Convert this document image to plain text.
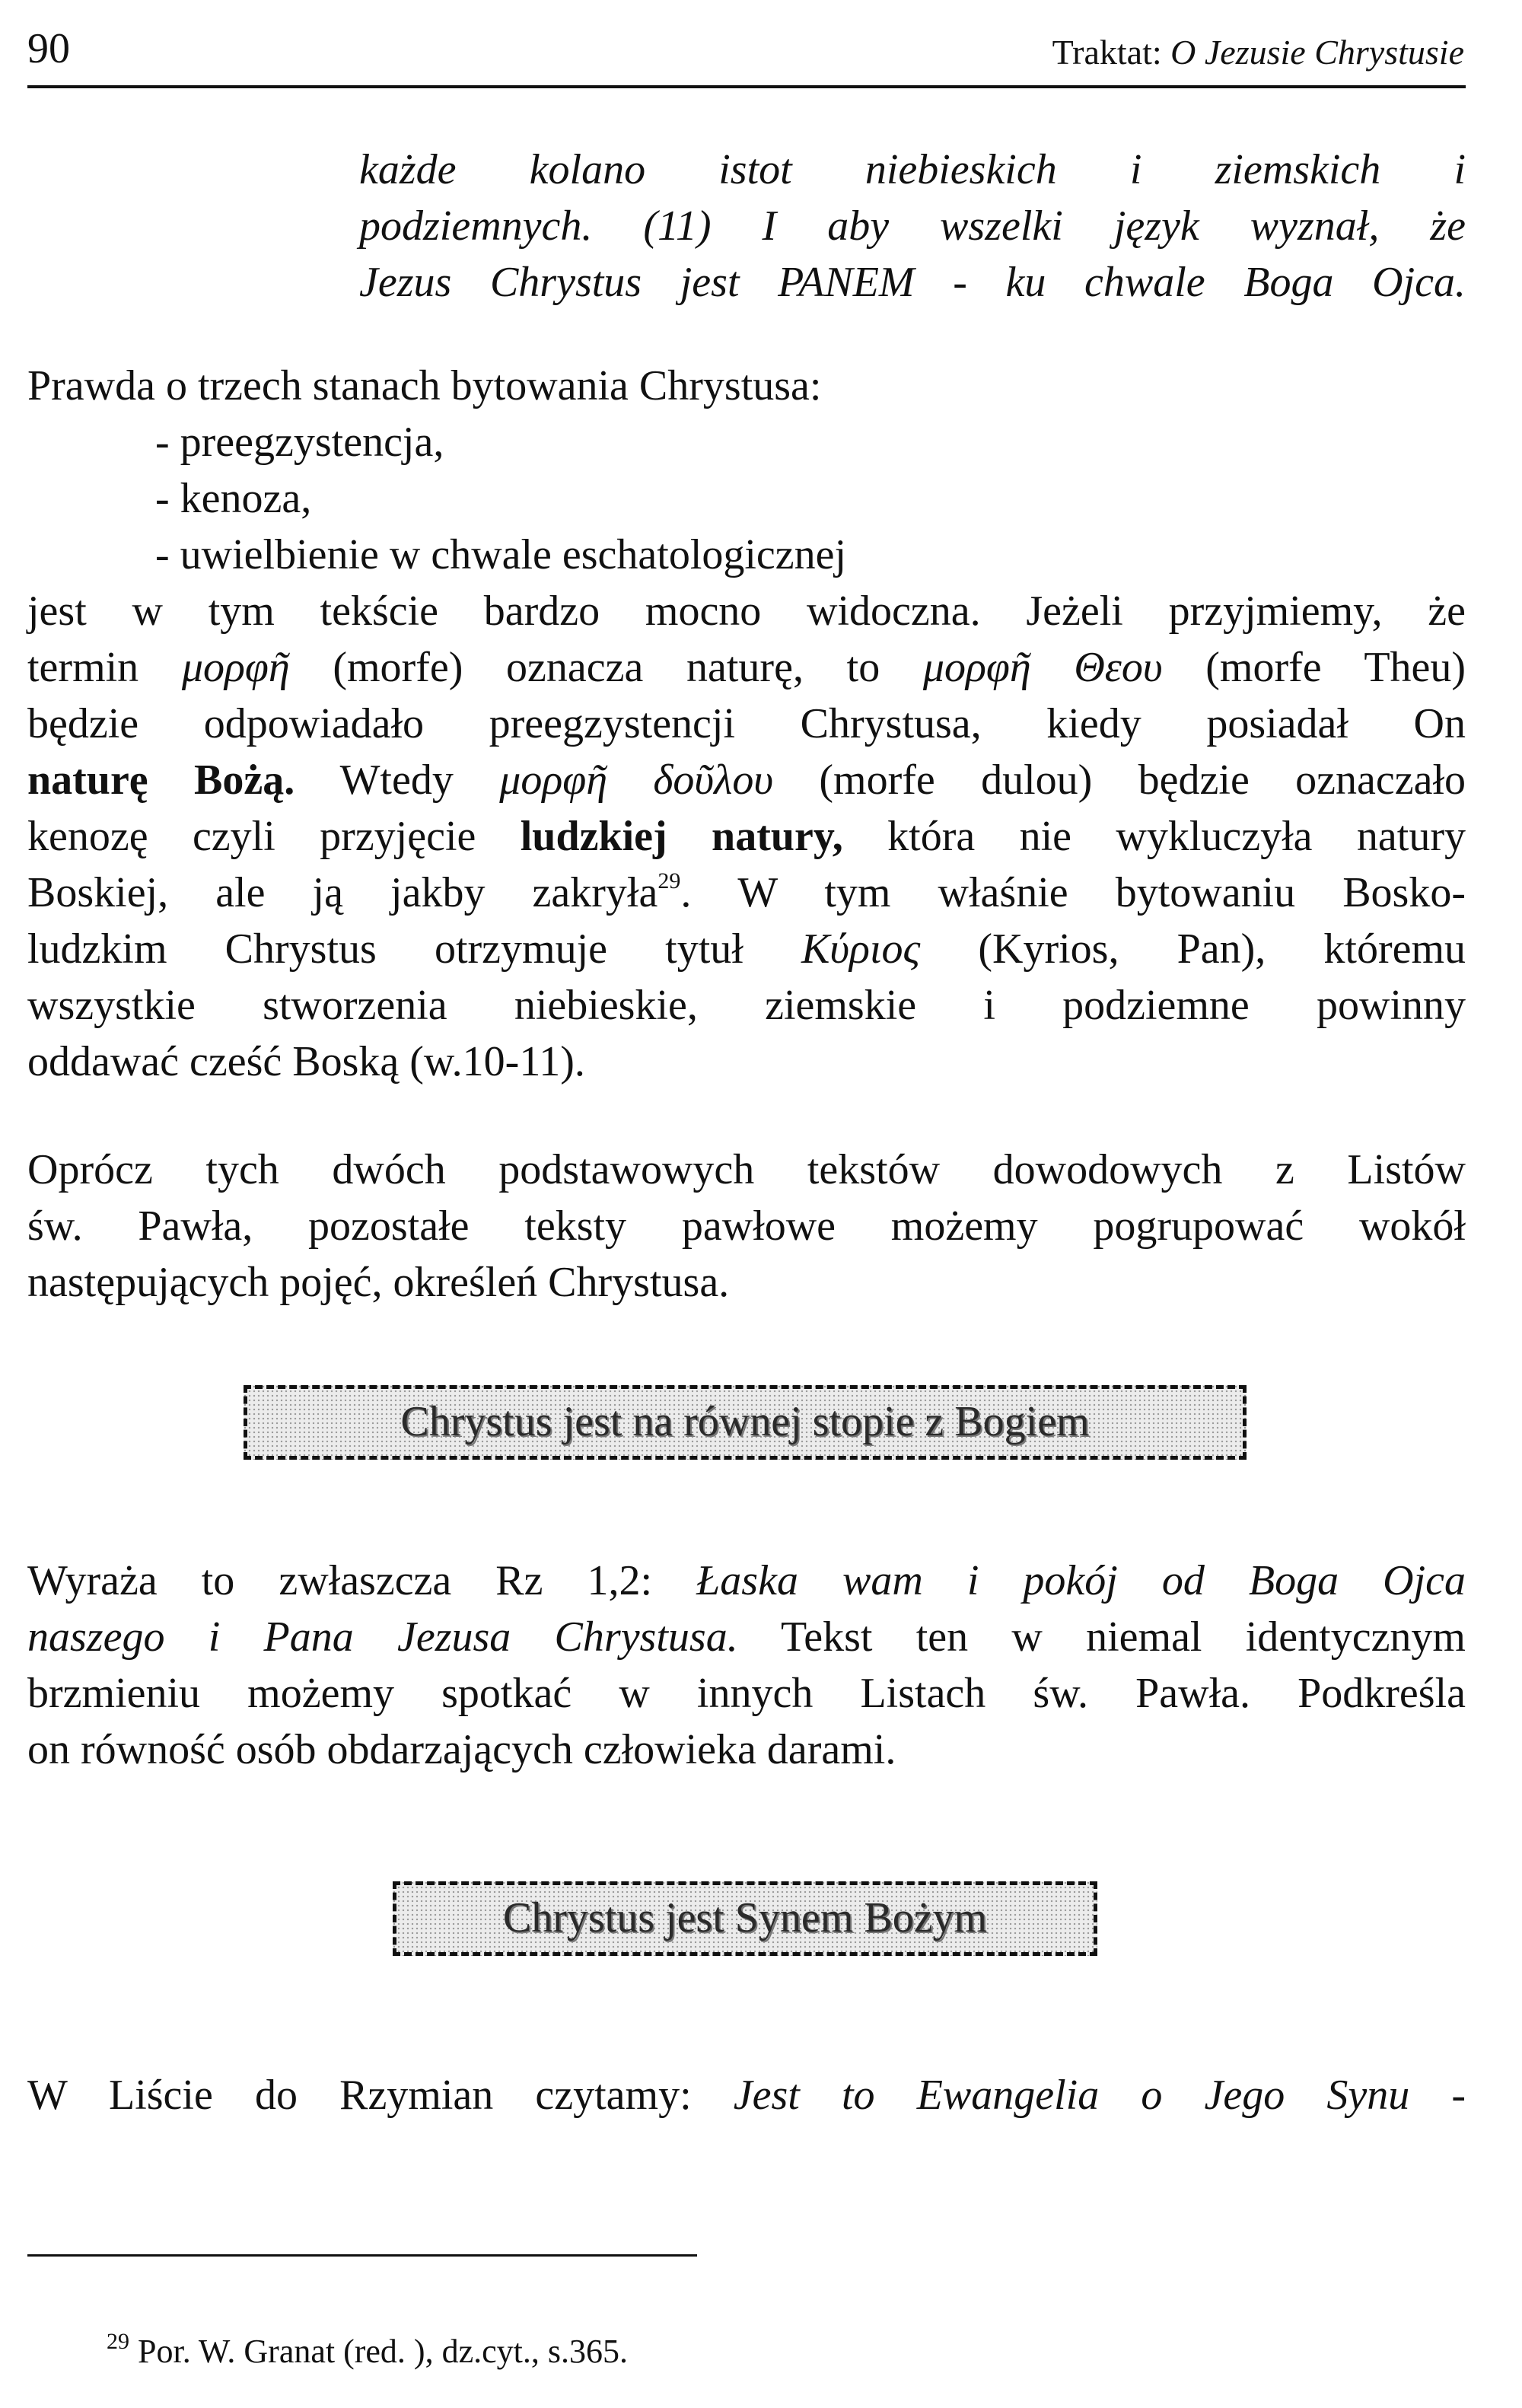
90	Traktat: O Jezusie Chrystusie
każde kolano istot niebieskich i ziemskich i
podziemnych. (11) I aby wszelki język wyznał, że
Jezus Chrystus jest PANEM - ku chwale Boga Ojca.
Prawda o trzech stanach bytowania Chrystusa:
- preegzystencja,
- kenoza,
- uwielbienie w chwale eschatologicznej
jest w tym tekście bardzo mocno widoczna. Jeżeli przyjmiemy, że
termin μορφῆ (morfe) oznacza naturę, to μορφῆ Θεου (morfe Theu)
będzie odpowiadało preegzystencji Chrystusa, kiedy posiadał On
naturę Bożą. Wtedy μορφῆ δοῦλου (morfe dulou) będzie oznaczało
kenozę czyli przyjęcie ludzkiej natury, która nie wykluczyła natury
Boskiej, ale ją jakby zakryła$^{29}$. W tym właśnie bytowaniu Bosko-
ludzkim Chrystus otrzymuje tytuł Κύριος (Kyrios, Pan), któremu
wszystkie stworzenia niebieskie, ziemskie i podziemne powinny
oddawać cześć Boską (w.10-11).
Oprócz tych dwóch podstawowych tekstów dowodowych z Listów
św. Pawła, pozostałe teksty pawłowe możemy pogrupować wokół
następujących pojęć, określeń Chrystusa.
Chrystus jest na równej stopie z Bogiem
Wyraża to zwłaszcza Rz 1,2: Łaska wam i pokój od Boga Ojca
naszego i Pana Jezusa Chrystusa. Tekst ten w niemal identycznym
brzmieniu możemy spotkać w innych Listach św. Pawła. Podkreśla
on równość osób obdarzających człowieka darami.
Chrystus jest Synem Bożym
W Liście do Rzymian czytamy: Jest to Ewangelia o Jego Synu -
$^{29}$ Por. W. Granat (red. ), dz.cyt., s.365.
